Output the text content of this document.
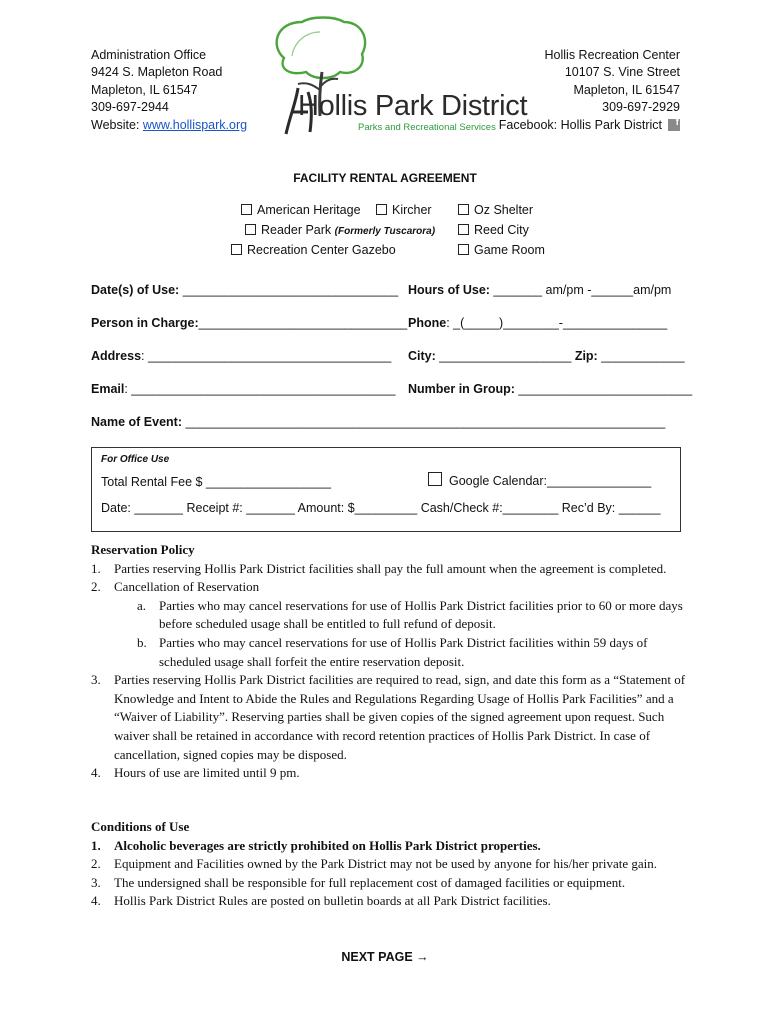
Administration Office
9424 S. Mapleton Road
Mapleton, IL 61547
309-697-2944
Website: www.hollispark.org
Hollis Park District
Parks and Recreational Services
Hollis Recreation Center
10107 S. Vine Street
Mapleton, IL 61547
309-697-2929
Facebook: Hollis Park District	f
FACILITY RENTAL AGREEMENT
American Heritage	Kircher	Oz Shelter
Reader Park (Formerly Tuscarora)	Reed City
Recreation Center Gazebo	Game Room
Date(s) of Use: _______________________________ Hours of Use: _______ am/pm -______am/pm
Person in Charge:______________________________ Phone: _(_____)________-_______________
Address: ___________________________________ City: ___________________ Zip: ____________
Email: ______________________________________ Number in Group: _________________________
Name of Event: _____________________________________________________________________
For Office Use
Total Rental Fee $ __________________	Google Calendar:_______________
Date: _______ Receipt #: _______ Amount: $_________ Cash/Check #:________ Rec’d By: ______
Reservation Policy
1. Parties reserving Hollis Park District facilities shall pay the full amount when the agreement is completed.
2. Cancellation of Reservation
a. Parties who may cancel reservations for use of Hollis Park District facilities prior to 60 or more days before scheduled usage shall be entitled to full refund of deposit.
b. Parties who may cancel reservations for use of Hollis Park District facilities within 59 days of scheduled usage shall forfeit the entire reservation deposit.
3. Parties reserving Hollis Park District facilities are required to read, sign, and date this form as a “Statement of Knowledge and Intent to Abide the Rules and Regulations Regarding Usage of Hollis Park Facilities” and a “Waiver of Liability”. Reserving parties shall be given copies of the signed agreement upon request. Such waiver shall be retained in accordance with record retention practices of Hollis Park District. In case of cancellation, signed copies may be disposed.
4. Hours of use are limited until 9 pm.
Conditions of Use
1. Alcoholic beverages are strictly prohibited on Hollis Park District properties.
2. Equipment and Facilities owned by the Park District may not be used by anyone for his/her private gain.
3. The undersigned shall be responsible for full replacement cost of damaged facilities or equipment.
4. Hollis Park District Rules are posted on bulletin boards at all Park District facilities.
NEXT PAGE →
